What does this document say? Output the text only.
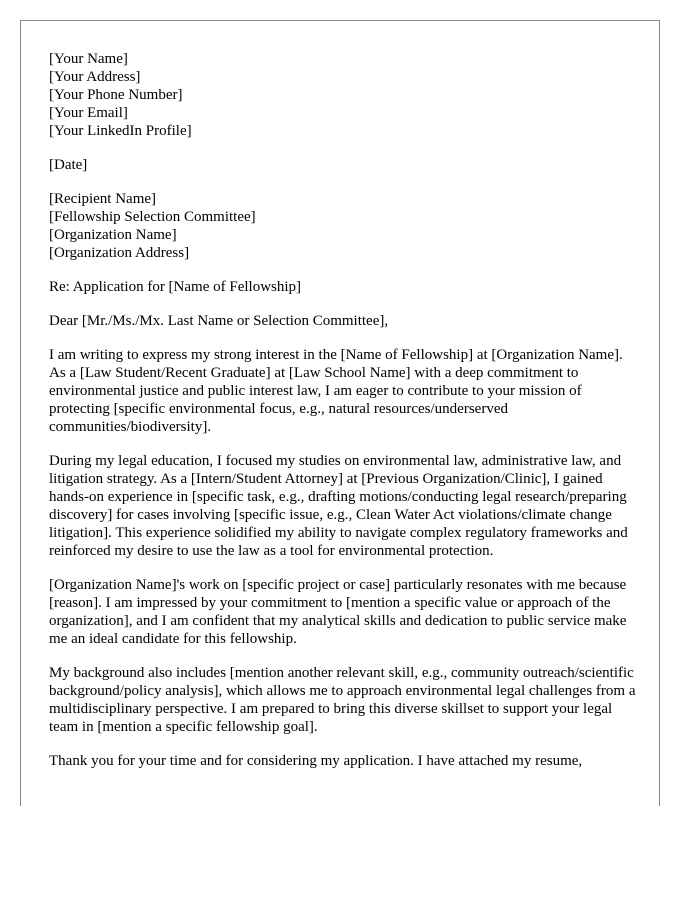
[Your Name]
[Your Address]
[Your Phone Number]
[Your Email]
[Your LinkedIn Profile]

[Date]

[Recipient Name]
[Fellowship Selection Committee]
[Organization Name]
[Organization Address]

Re: Application for [Name of Fellowship]

Dear [Mr./Ms./Mx. Last Name or Selection Committee],

I am writing to express my strong interest in the [Name of Fellowship] at [Organization Name]. As a [Law Student/Recent Graduate] at [Law School Name] with a deep commitment to environmental justice and public interest law, I am eager to contribute to your mission of protecting [specific environmental focus, e.g., natural resources/underserved communities/biodiversity].

During my legal education, I focused my studies on environmental law, administrative law, and litigation strategy. As a [Intern/Student Attorney] at [Previous Organization/Clinic], I gained hands-on experience in [specific task, e.g., drafting motions/conducting legal research/preparing discovery] for cases involving [specific issue, e.g., Clean Water Act violations/climate change litigation]. This experience solidified my ability to navigate complex regulatory frameworks and reinforced my desire to use the law as a tool for environmental protection.

[Organization Name]'s work on [specific project or case] particularly resonates with me because [reason]. I am impressed by your commitment to [mention a specific value or approach of the organization], and I am confident that my analytical skills and dedication to public service make me an ideal candidate for this fellowship.

My background also includes [mention another relevant skill, e.g., community outreach/scientific background/policy analysis], which allows me to approach environmental legal challenges from a multidisciplinary perspective. I am prepared to bring this diverse skillset to support your legal team in [mention a specific fellowship goal].

Thank you for your time and for considering my application. I have attached my resume,
